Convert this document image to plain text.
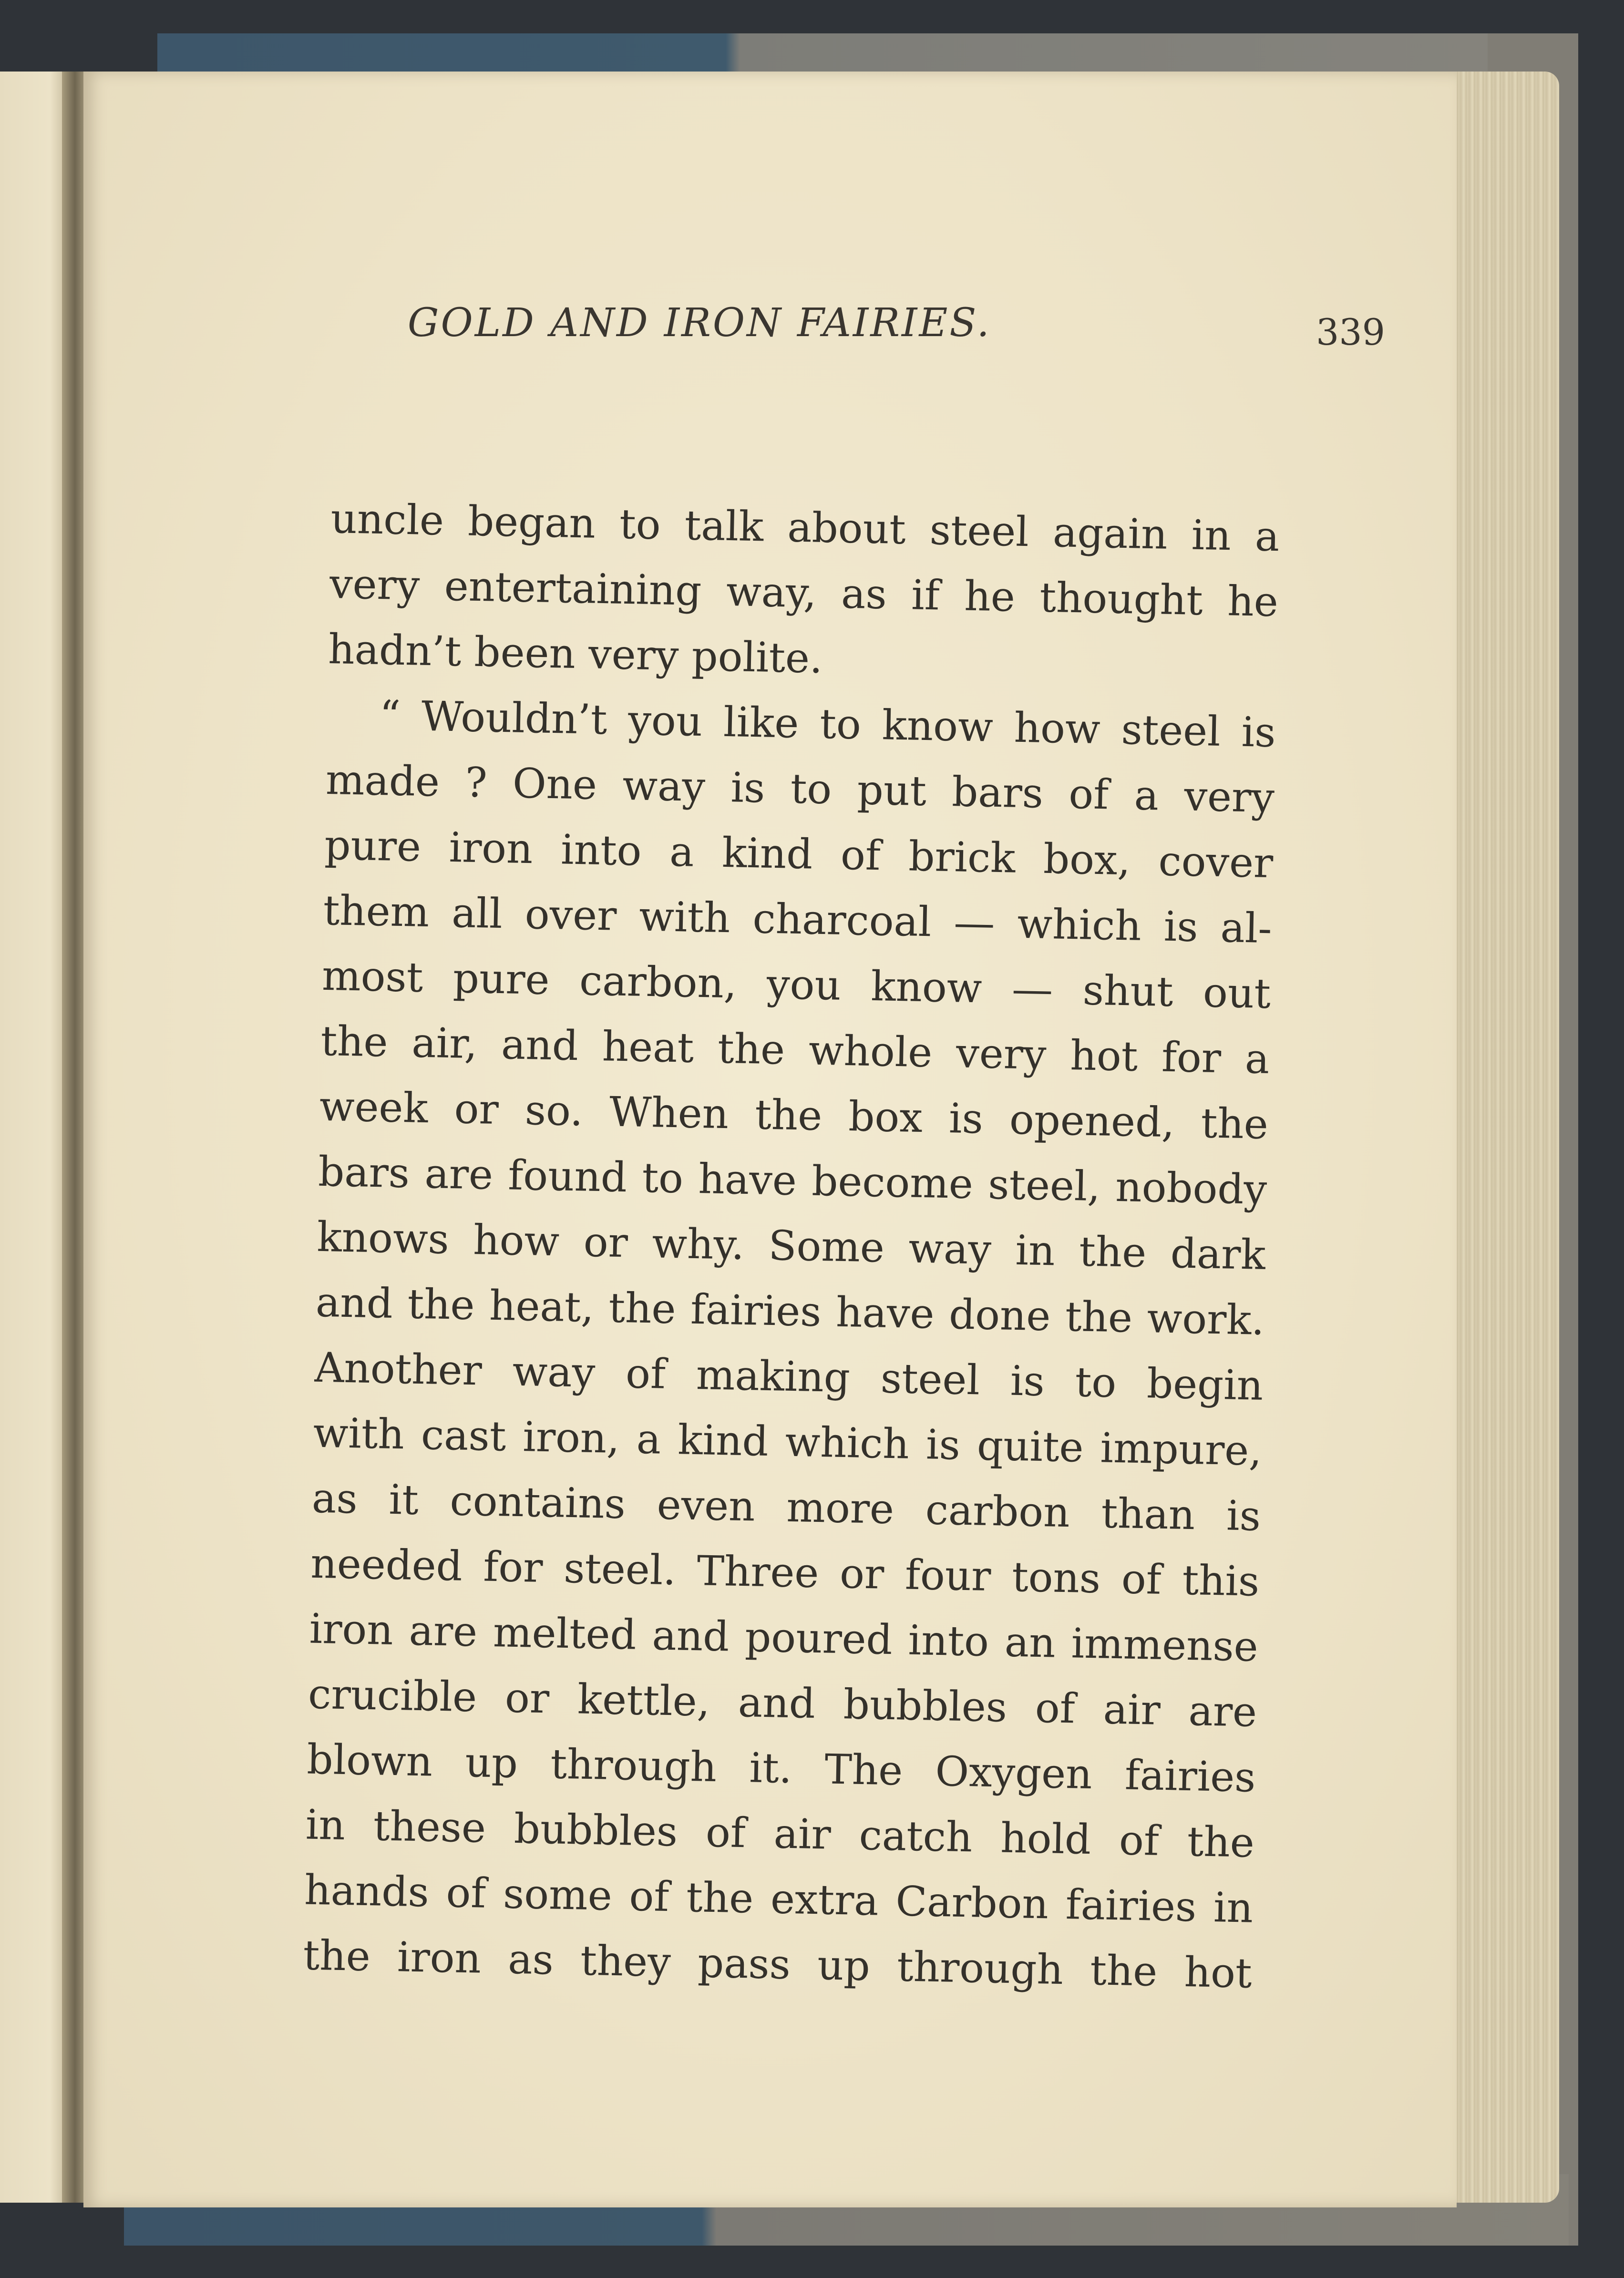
GOLD AND IRON FAIRIES.	339
uncle began to talk about steel again in a
very entertaining way, as if he thought he
hadn’t been very polite.
“ Wouldn’t you like to know how steel is
made ? One way is to put bars of a very
pure iron into a kind of brick box, cover
them all over with charcoal — which is al-
most pure carbon, you know — shut out
the air, and heat the whole very hot for a
week or so. When the box is opened, the
bars are found to have become steel, nobody
knows how or why. Some way in the dark
and the heat, the fairies have done the work.
Another way of making steel is to begin
with cast iron, a kind which is quite impure,
as it contains even more carbon than is
needed for steel. Three or four tons of this
iron are melted and poured into an immense
crucible or kettle, and bubbles of air are
blown up through it. The Oxygen fairies
in these bubbles of air catch hold of the
hands of some of the extra Carbon fairies in
the iron as they pass up through the hot
